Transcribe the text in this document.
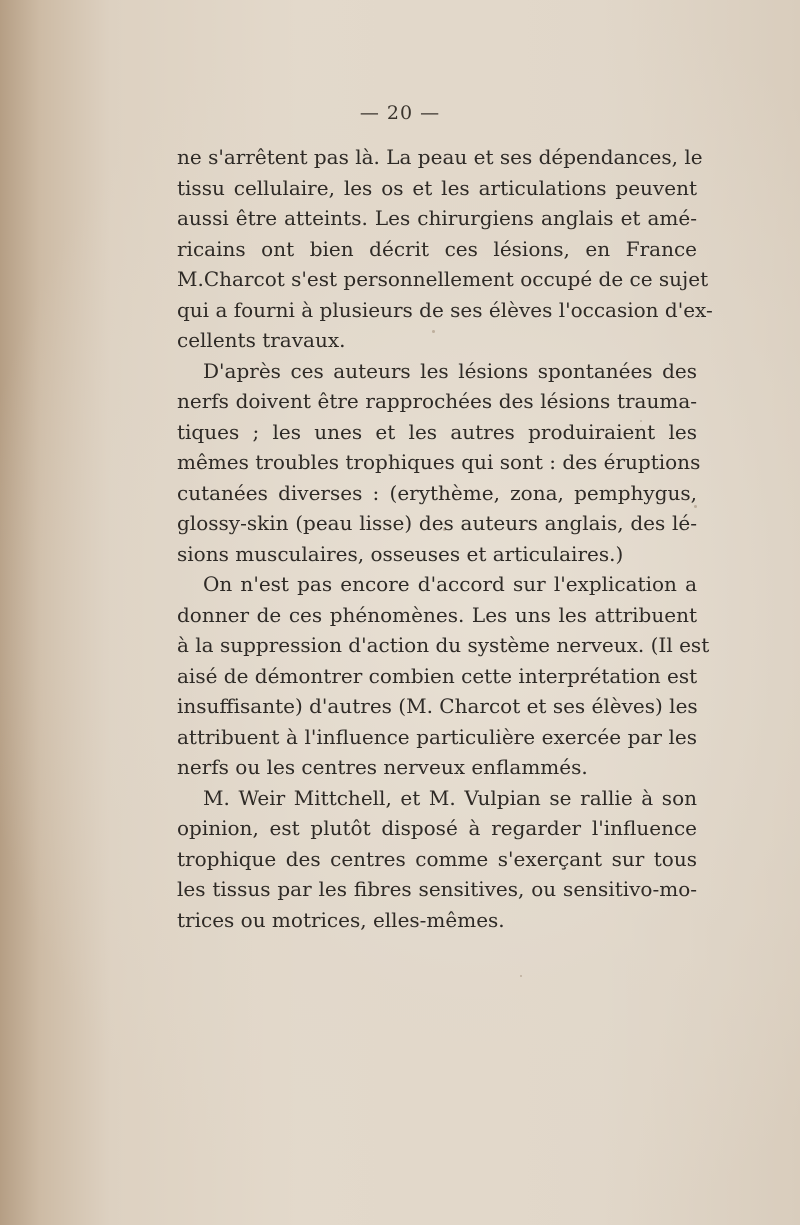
— 20 —
ne s'arrêtent pas là. La peau et ses dépendances, le
tissu cellulaire, les os et les articulations peuvent
aussi être atteints. Les chirurgiens anglais et amé-
ricains ont bien décrit ces lésions, en France
M.Charcot s'est personnellement occupé de ce sujet
qui a fourni à plusieurs de ses élèves l'occasion d'ex-
cellents travaux.
D'après ces auteurs les lésions spontanées des
nerfs doivent être rapprochées des lésions trauma-
tiques ; les unes et les autres produiraient les
mêmes troubles trophiques qui sont : des éruptions
cutanées diverses : (erythème, zona, pemphygus,
glossy-skin (peau lisse) des auteurs anglais, des lé-
sions musculaires, osseuses et articulaires.)
On n'est pas encore d'accord sur l'explication a
donner de ces phénomènes. Les uns les attribuent
à la suppression d'action du système nerveux. (Il est
aisé de démontrer combien cette interprétation est
insuffisante) d'autres (M. Charcot et ses élèves) les
attribuent à l'influence particulière exercée par les
nerfs ou les centres nerveux enflammés.
M. Weir Mittchell, et M. Vulpian se rallie à son
opinion, est plutôt disposé à regarder l'influence
trophique des centres comme s'exerçant sur tous
les tissus par les fibres sensitives, ou sensitivo-mo-
trices ou motrices, elles-mêmes.
